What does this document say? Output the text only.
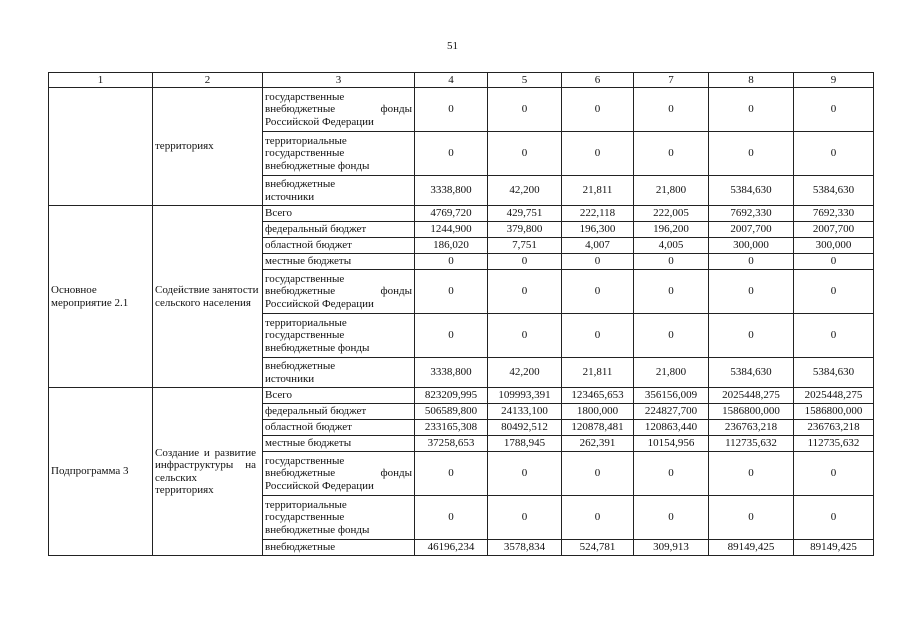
51
1	2	3	4	5	6	7	8	9
	территориях	государственные
внебюджетные фонды
Российской Федерации	0	0	0	0	0	0

		территориальные
государственные
внебюджетные фонды	0	0	0	0	0	0

		внебюджетные
источники	3338,800	42,200	21,811	21,800	5384,630	5384,630
Основное мероприятие 2.1	Содействие занятости сельского населения	Всего	4769,720	429,751	222,118	222,005	7692,330	7692,330

		федеральный бюджет	1244,900	379,800	196,300	196,200	2007,700	2007,700

		областной бюджет	186,020	7,751	4,007	4,005	300,000	300,000

		местные бюджеты	0	0	0	0	0	0

		государственные
внебюджетные фонды
Российской Федерации	0	0	0	0	0	0

		территориальные
государственные
внебюджетные фонды	0	0	0	0	0	0

		внебюджетные
источники	3338,800	42,200	21,811	21,800	5384,630	5384,630
Подпрограмма 3	Создание и развитие инфраструктуры на сельских территориях	Всего	823209,995	109993,391	123465,653	356156,009	2025448,275	2025448,275

		федеральный бюджет	506589,800	24133,100	1800,000	224827,700	1586800,000	1586800,000

		областной бюджет	233165,308	80492,512	120878,481	120863,440	236763,218	236763,218

		местные бюджеты	37258,653	1788,945	262,391	10154,956	112735,632	112735,632

		государственные
внебюджетные фонды
Российской Федерации	0	0	0	0	0	0

		территориальные
государственные
внебюджетные фонды	0	0	0	0	0	0

		внебюджетные	46196,234	3578,834	524,781	309,913	89149,425	89149,425
